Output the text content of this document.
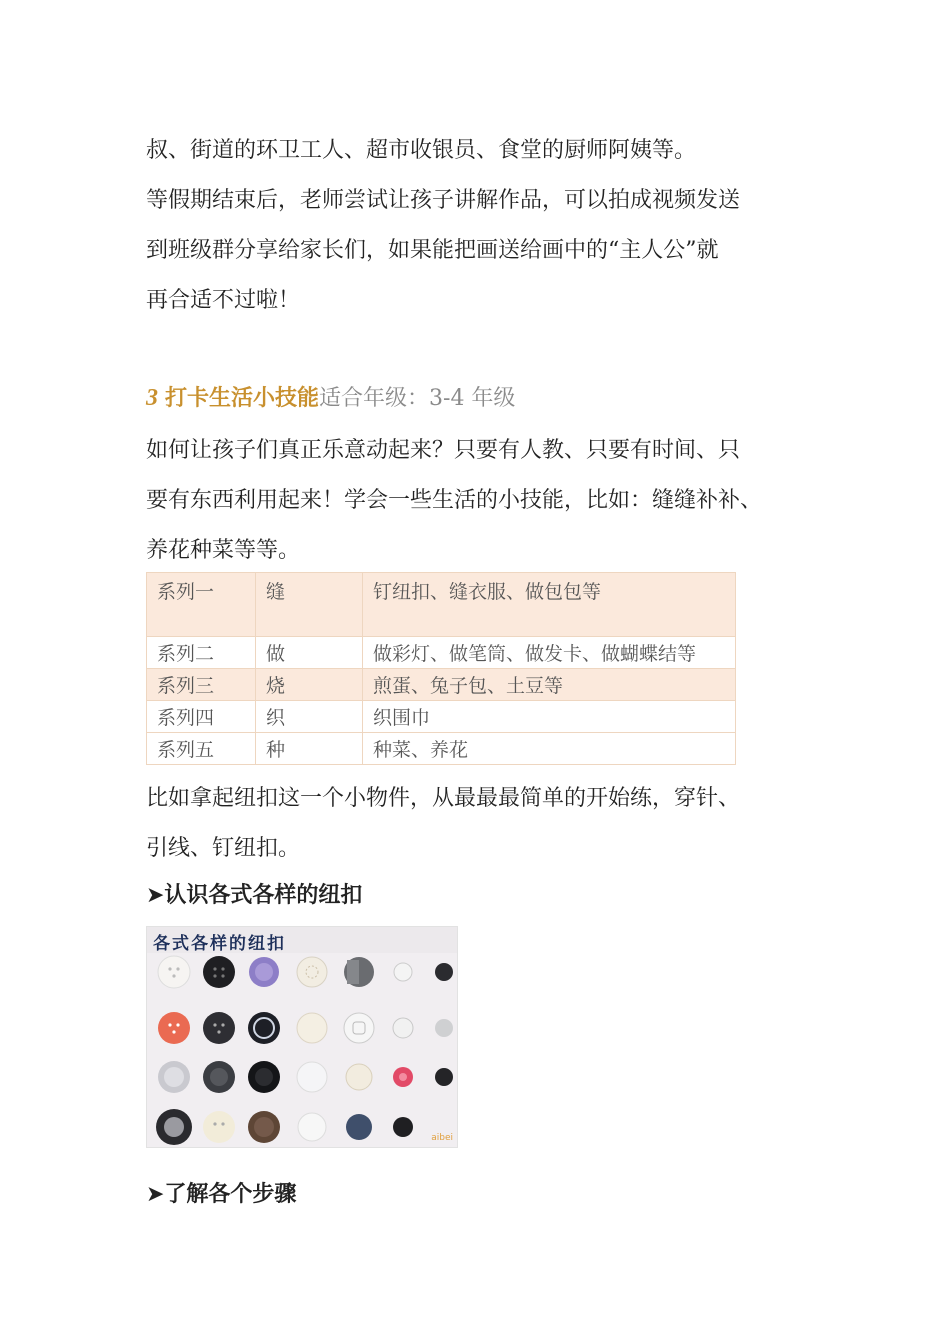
叔、街道的环卫工人、超市收银员、食堂的厨师阿姨等。

等假期结束后，老师尝试让孩子讲解作品，可以拍成视频发送

到班级群分享给家长们，如果能把画送给画中的“主人公”就

再合适不过啦！

3 打卡生活小技能适合年级：3-4 年级

如何让孩子们真正乐意动起来？只要有人教、只要有时间、只

要有东西利用起来！学会一些生活的小技能，比如：缝缝补补、

养花种菜等等。

系列一	缝	钉纽扣、缝衣服、做包包等
系列二	做	做彩灯、做笔筒、做发卡、做蝴蝶结等
系列三	烧	煎蛋、兔子包、土豆等
系列四	织	织围巾
系列五	种	种菜、养花

比如拿起纽扣这一个小物件，从最最最简单的开始练，穿针、

引线、钉纽扣。

➤认识各式各样的纽扣
各式各样的纽扣
aibei
➤了解各个步骤
